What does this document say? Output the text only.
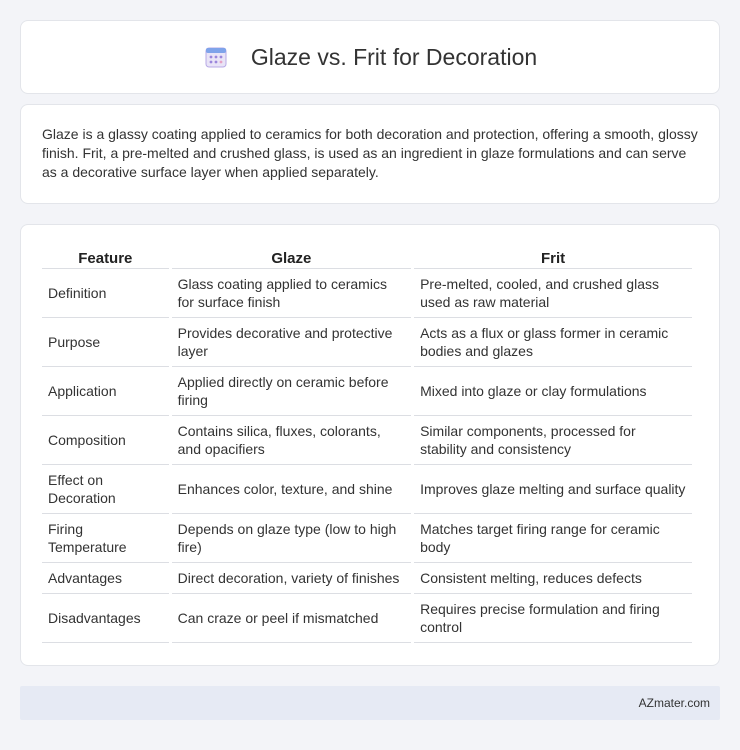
Glaze vs. Frit for Decoration

Glaze is a glassy coating applied to ceramics for both decoration and protection, offering a smooth, glossy finish. Frit, a pre-melted and crushed glass, is used as an ingredient in glaze formulations and can serve as a decorative surface layer when applied separately.

Feature	Glaze	Frit
Definition	Glass coating applied to ceramics for surface finish	Pre-melted, cooled, and crushed glass used as raw material
Purpose	Provides decorative and protective layer	Acts as a flux or glass former in ceramic bodies and glazes
Application	Applied directly on ceramic before firing	Mixed into glaze or clay formulations
Composition	Contains silica, fluxes, colorants, and opacifiers	Similar components, processed for stability and consistency
Effect on Decoration	Enhances color, texture, and shine	Improves glaze melting and surface quality
Firing Temperature	Depends on glaze type (low to high fire)	Matches target firing range for ceramic body
Advantages	Direct decoration, variety of finishes	Consistent melting, reduces defects
Disadvantages	Can craze or peel if mismatched	Requires precise formulation and firing control
AZmater.com
